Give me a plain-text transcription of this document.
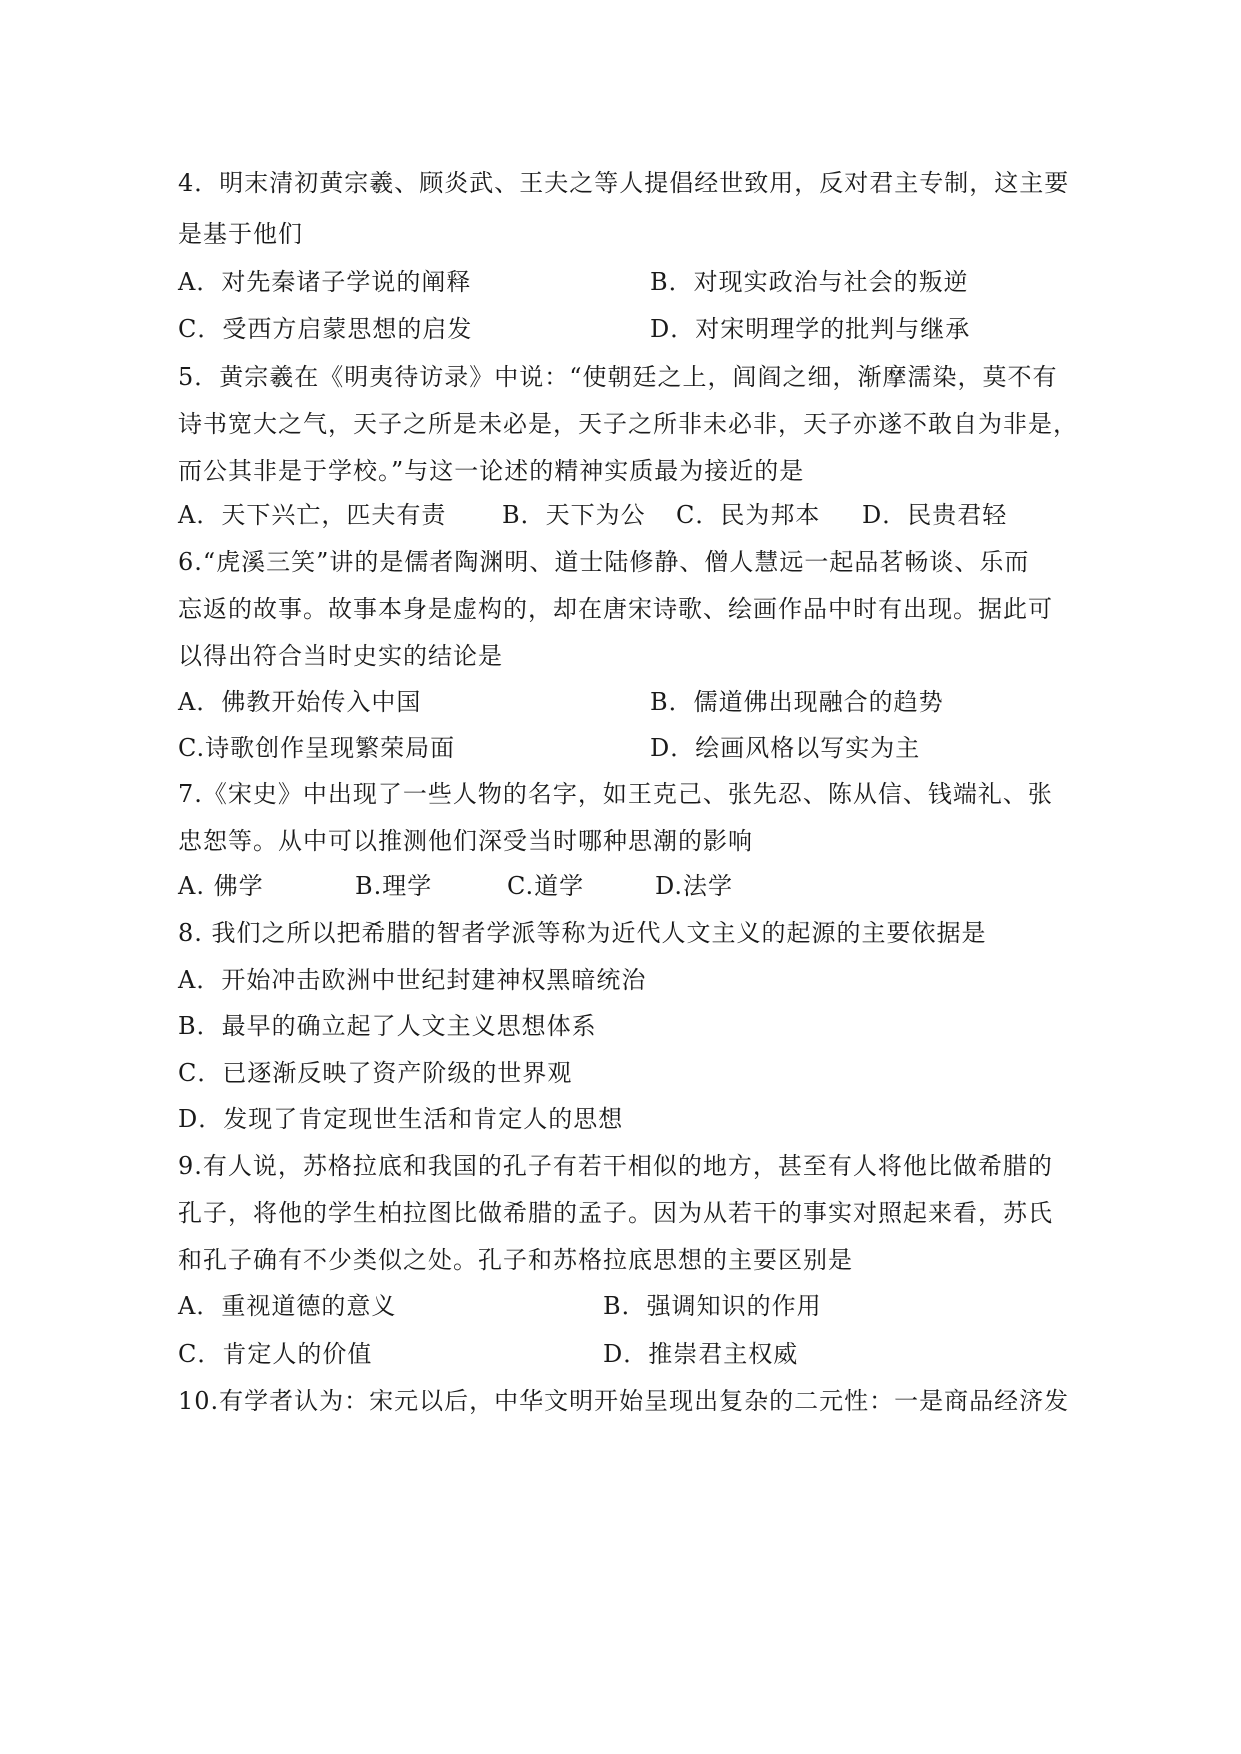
4．明末清初黄宗羲、顾炎武、王夫之等人提倡经世致用，反对君主专制，这主要
是基于他们
A．对先秦诸子学说的阐释	B．对现实政治与社会的叛逆
C．受西方启蒙思想的启发	D．对宋明理学的批判与继承
5．黄宗羲在《明夷待访录》中说：“使朝廷之上，闾阎之细，渐摩濡染，莫不有
诗书宽大之气，天子之所是未必是，天子之所非未必非，天子亦遂不敢自为非是，
而公其非是于学校。”与这一论述的精神实质最为接近的是
A．天下兴亡，匹夫有责 B．天下为公 C．民为邦本 D．民贵君轻
6.“虎溪三笑”讲的是儒者陶渊明、道士陆修静、僧人慧远一起品茗畅谈、乐而
忘返的故事。故事本身是虚构的，却在唐宋诗歌、绘画作品中时有出现。据此可
以得出符合当时史实的结论是
A．佛教开始传入中国	B．儒道佛出现融合的趋势
C.诗歌创作呈现繁荣局面	D．绘画风格以写实为主
7.《宋史》中出现了一些人物的名字，如王克己、张先忍、陈从信、钱端礼、张
忠恕等。从中可以推测他们深受当时哪种思潮的影响
A. 佛学	B.理学	C.道学	D.法学
8. 我们之所以把希腊的智者学派等称为近代人文主义的起源的主要依据是
A．开始冲击欧洲中世纪封建神权黑暗统治
B．最早的确立起了人文主义思想体系
C．已逐渐反映了资产阶级的世界观
D．发现了肯定现世生活和肯定人的思想
9.有人说，苏格拉底和我国的孔子有若干相似的地方，甚至有人将他比做希腊的
孔子，将他的学生柏拉图比做希腊的孟子。因为从若干的事实对照起来看，苏氏
和孔子确有不少类似之处。孔子和苏格拉底思想的主要区别是
A．重视道德的意义	B．强调知识的作用
C．肯定人的价值	D．推崇君主权威
10.有学者认为：宋元以后，中华文明开始呈现出复杂的二元性：一是商品经济发
